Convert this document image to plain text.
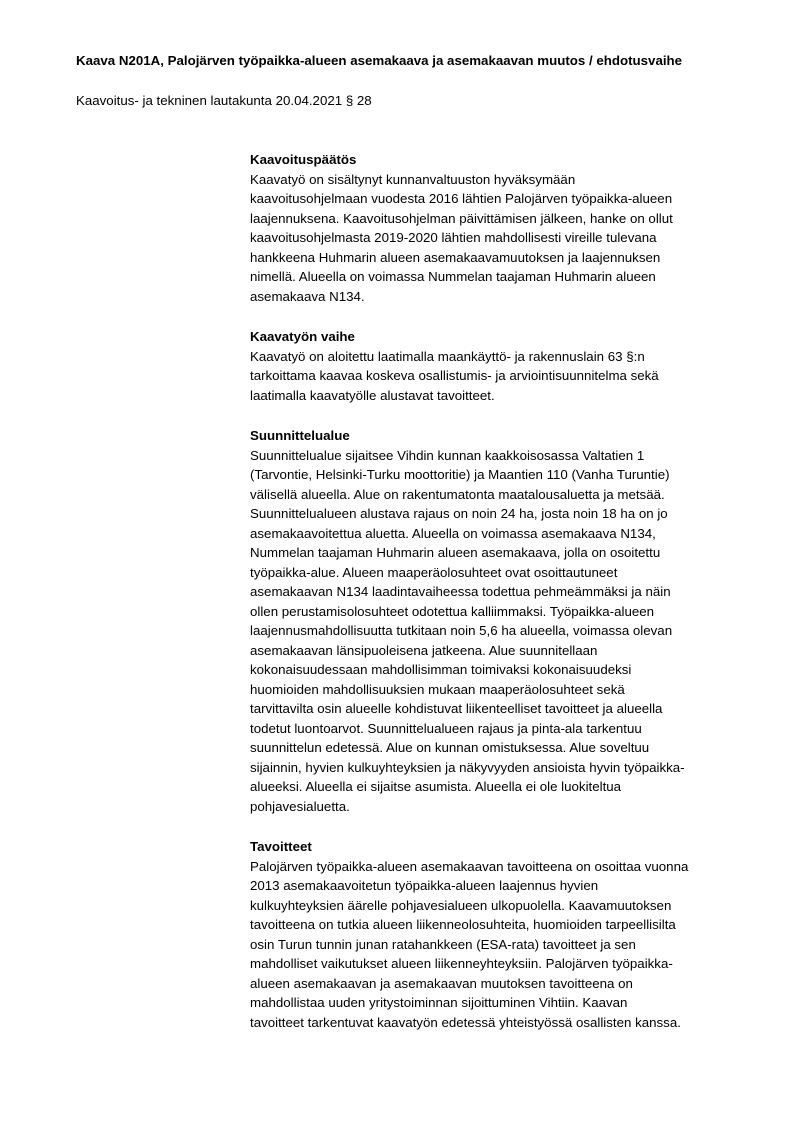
Kaava N201A, Palojärven työpaikka-alueen asemakaava ja asemakaavan muutos / ehdotusvaihe

Kaavoitus- ja tekninen lautakunta 20.04.2021 § 28

Kaavoituspäätös

Kaavatyö on sisältynyt kunnanvaltuuston hyväksymään
kaavoitusohjelmaan vuodesta 2016 lähtien Palojärven työpaikka-alueen
laajennuksena. Kaavoitusohjelman päivittämisen jälkeen, hanke on ollut
kaavoitusohjelmasta 2019-2020 lähtien mahdollisesti vireille tulevana
hankkeena Huhmarin alueen asemakaavamuutoksen ja laajennuksen
nimellä. Alueella on voimassa Nummelan taajaman Huhmarin alueen
asemakaava N134.

Kaavatyön vaihe

Kaavatyö on aloitettu laatimalla maankäyttö- ja rakennuslain 63 §:n
tarkoittama kaavaa koskeva osallistumis- ja arviointisuunnitelma sekä
laatimalla kaavatyölle alustavat tavoitteet.

Suunnittelualue

Suunnittelualue sijaitsee Vihdin kunnan kaakkoisosassa Valtatien 1
(Tarvontie, Helsinki-Turku moottoritie) ja Maantien 110 (Vanha Turuntie)
välisellä alueella. Alue on rakentumatonta maatalousaluetta ja metsää.
Suunnittelualueen alustava rajaus on noin 24 ha, josta noin 18 ha on jo
asemakaavoitettua aluetta. Alueella on voimassa asemakaava N134,
Nummelan taajaman Huhmarin alueen asemakaava, jolla on osoitettu
työpaikka-alue. Alueen maaperäolosuhteet ovat osoittautuneet
asemakaavan N134 laadintavaiheessa todettua pehmeämmäksi ja näin
ollen perustamisolosuhteet odotettua kalliimmaksi. Työpaikka-alueen
laajennusmahdollisuutta tutkitaan noin 5,6 ha alueella, voimassa olevan
asemakaavan länsipuoleisena jatkeena. Alue suunnitellaan
kokonaisuudessaan mahdollisimman toimivaksi kokonaisuudeksi
huomioiden mahdollisuuksien mukaan maaperäolosuhteet sekä
tarvittavilta osin alueelle kohdistuvat liikenteelliset tavoitteet ja alueella
todetut luontoarvot. Suunnittelualueen rajaus ja pinta-ala tarkentuu
suunnittelun edetessä. Alue on kunnan omistuksessa. Alue soveltuu
sijainnin, hyvien kulkuyhteyksien ja näkyvyyden ansioista hyvin työpaikka-
alueeksi. Alueella ei sijaitse asumista. Alueella ei ole luokiteltua
pohjavesialuetta.

Tavoitteet

Palojärven työpaikka-alueen asemakaavan tavoitteena on osoittaa vuonna
2013 asemakaavoitetun työpaikka-alueen laajennus hyvien
kulkuyhteyksien äärelle pohjavesialueen ulkopuolella. Kaavamuutoksen
tavoitteena on tutkia alueen liikenneolosuhteita, huomioiden tarpeellisilta
osin Turun tunnin junan ratahankkeen (ESA-rata) tavoitteet ja sen
mahdolliset vaikutukset alueen liikenneyhteyksiin. Palojärven työpaikka-
alueen asemakaavan ja asemakaavan muutoksen tavoitteena on
mahdollistaa uuden yritystoiminnan sijoittuminen Vihtiin. Kaavan
tavoitteet tarkentuvat kaavatyön edetessä yhteistyössä osallisten kanssa.
